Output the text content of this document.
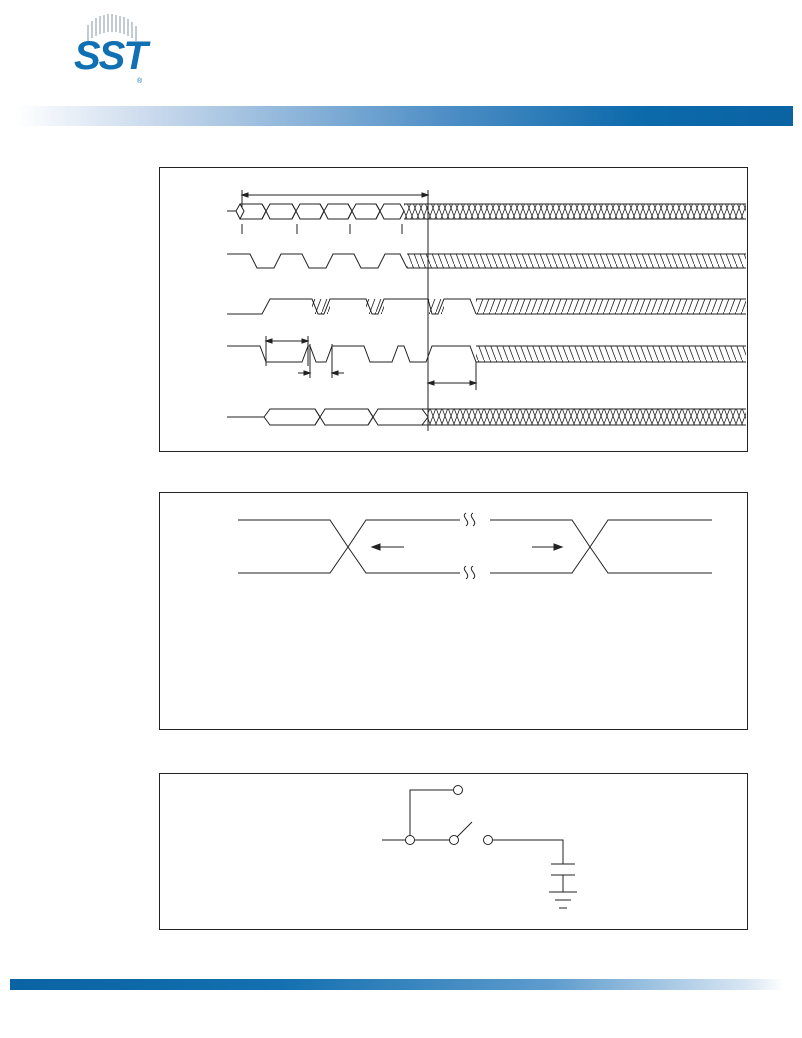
SST
®
